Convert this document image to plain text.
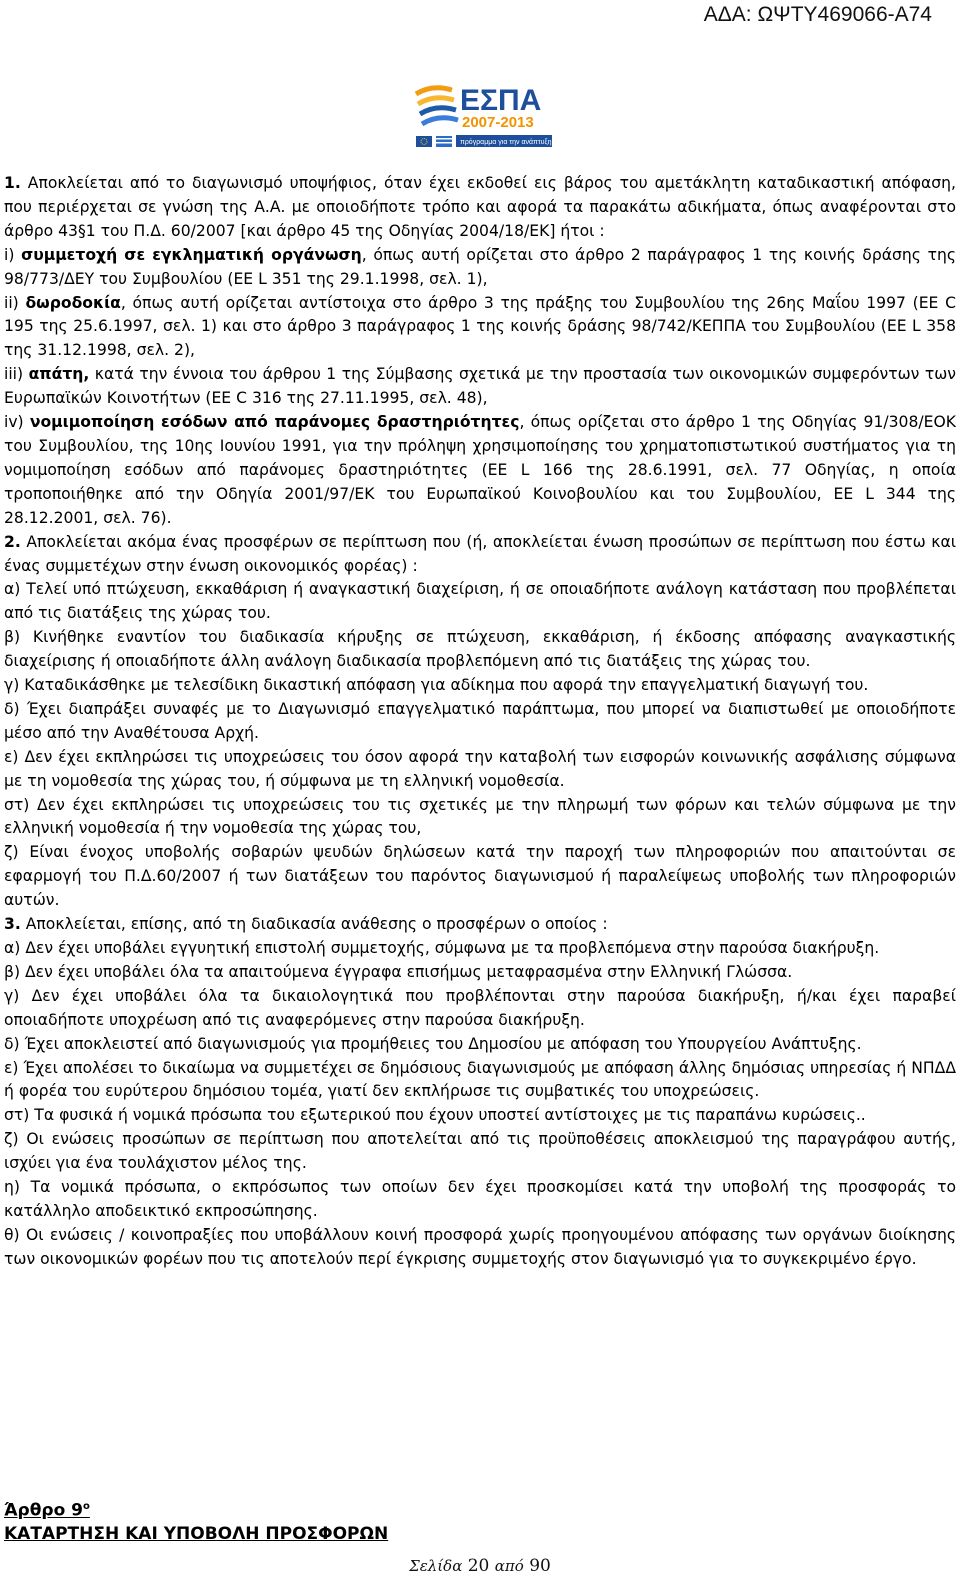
ΑΔΑ: ΩΨΤΥ469066-Α74
ΕΣΠΑ
2007-2013
πρόγραμμα για την ανάπτυξη

1. Αποκλείεται από το διαγωνισμό υποψήφιος, όταν έχει εκδοθεί εις βάρος του αμετάκλητη καταδικαστική απόφαση, που περιέρχεται σε γνώση της Α.Α. με οποιοδήποτε τρόπο και αφορά τα παρακάτω αδικήματα, όπως αναφέρονται στο άρθρο 43§1 του Π.Δ. 60/2007 [και άρθρο 45 της Οδηγίας 2004/18/ΕΚ] ήτοι :

i) συμμετοχή σε εγκληματική οργάνωση, όπως αυτή ορίζεται στο άρθρο 2 παράγραφος 1 της κοινής δράσης της 98/773/ΔΕΥ του Συμβουλίου (ΕΕ L 351 της 29.1.1998, σελ. 1),

ii) δωροδοκία, όπως αυτή ορίζεται αντίστοιχα στο άρθρο 3 της πράξης του Συμβουλίου της 26ης Μαΐου 1997 (ΕΕ C 195 της 25.6.1997, σελ. 1) και στο άρθρο 3 παράγραφος 1 της κοινής δράσης 98/742/ΚΕΠΠΑ του Συμβουλίου (ΕΕ L 358 της 31.12.1998, σελ. 2),

iii) απάτη, κατά την έννοια του άρθρου 1 της Σύμβασης σχετικά με την προστασία των οικονομικών συμφερόντων των Ευρωπαϊκών Κοινοτήτων (ΕΕ C 316 της 27.11.1995, σελ. 48),

iv) νομιμοποίηση εσόδων από παράνομες δραστηριότητες, όπως ορίζεται στο άρθρο 1 της Οδηγίας 91/308/ΕΟΚ του Συμβουλίου, της 10ης Ιουνίου 1991, για την πρόληψη χρησιμοποίησης του χρηματοπιστωτικού συστήματος για τη νομιμοποίηση εσόδων από παράνομες δραστηριότητες (ΕΕ L 166 της 28.6.1991, σελ. 77 Οδηγίας, η οποία τροποποιήθηκε από την Οδηγία 2001/97/ΕΚ του Ευρωπαϊκού Κοινοβουλίου και του Συμβουλίου, ΕΕ L 344 της 28.12.2001, σελ. 76).

2. Αποκλείεται ακόμα ένας προσφέρων σε περίπτωση που (ή, αποκλείεται ένωση προσώπων σε περίπτωση που έστω και ένας συμμετέχων στην ένωση οικονομικός φορέας) :

α) Τελεί υπό πτώχευση, εκκαθάριση ή αναγκαστική διαχείριση, ή σε οποιαδήποτε ανάλογη κατάσταση που προβλέπεται από τις διατάξεις της χώρας του.

β) Κινήθηκε εναντίον του διαδικασία κήρυξης σε πτώχευση, εκκαθάριση, ή έκδοσης απόφασης αναγκαστικής διαχείρισης ή οποιαδήποτε άλλη ανάλογη διαδικασία προβλεπόμενη από τις διατάξεις της χώρας του.

γ) Καταδικάσθηκε με τελεσίδικη δικαστική απόφαση για αδίκημα που αφορά την επαγγελματική διαγωγή του.

δ) Έχει διαπράξει συναφές με το Διαγωνισμό επαγγελματικό παράπτωμα, που μπορεί να διαπιστωθεί με οποιοδήποτε μέσο από την Αναθέτουσα Αρχή.

ε) Δεν έχει εκπληρώσει τις υποχρεώσεις του όσον αφορά την καταβολή των εισφορών κοινωνικής ασφάλισης σύμφωνα με τη νομοθεσία της χώρας του, ή σύμφωνα με τη ελληνική νομοθεσία.

στ) Δεν έχει εκπληρώσει τις υποχρεώσεις του τις σχετικές με την πληρωμή των φόρων και τελών σύμφωνα με την ελληνική νομοθεσία ή την νομοθεσία της χώρας του,

ζ) Είναι ένοχος υποβολής σοβαρών ψευδών δηλώσεων κατά την παροχή των πληροφοριών που απαιτούνται σε εφαρμογή του Π.Δ.60/2007 ή των διατάξεων του παρόντος διαγωνισμού ή παραλείψεως υποβολής των πληροφοριών αυτών.

3. Αποκλείεται, επίσης, από τη διαδικασία ανάθεσης ο προσφέρων ο οποίος :

α) Δεν έχει υποβάλει εγγυητική επιστολή συμμετοχής, σύμφωνα με τα προβλεπόμενα στην παρούσα διακήρυξη.

β) Δεν έχει υποβάλει όλα τα απαιτούμενα έγγραφα επισήμως μεταφρασμένα στην Ελληνική Γλώσσα.

γ) Δεν έχει υποβάλει όλα τα δικαιολογητικά που προβλέπονται στην παρούσα διακήρυξη, ή/και έχει παραβεί οποιαδήποτε υποχρέωση από τις αναφερόμενες στην παρούσα διακήρυξη.

δ) Έχει αποκλειστεί από διαγωνισμούς για προμήθειες του Δημοσίου με απόφαση του Υπουργείου Ανάπτυξης.

ε) Έχει απολέσει το δικαίωμα να συμμετέχει σε δημόσιους διαγωνισμούς με απόφαση άλλης δημόσιας υπηρεσίας ή ΝΠΔΔ ή φορέα του ευρύτερου δημόσιου τομέα, γιατί δεν εκπλήρωσε τις συμβατικές του υποχρεώσεις.

στ) Τα φυσικά ή νομικά πρόσωπα του εξωτερικού που έχουν υποστεί αντίστοιχες με τις παραπάνω κυρώσεις..

ζ) Οι ενώσεις προσώπων σε περίπτωση που αποτελείται από τις προϋποθέσεις αποκλεισμού της παραγράφου αυτής, ισχύει για ένα τουλάχιστον μέλος της.

η) Τα νομικά πρόσωπα, ο εκπρόσωπος των οποίων δεν έχει προσκομίσει κατά την υποβολή της προσφοράς το κατάλληλο αποδεικτικό εκπροσώπησης.

θ) Οι ενώσεις / κοινοπραξίες που υποβάλλουν κοινή προσφορά χωρίς προηγουμένου απόφασης των οργάνων διοίκησης των οικονομικών φορέων που τις αποτελούν περί έγκρισης συμμετοχής στον διαγωνισμό για το συγκεκριμένο έργο.

Άρθρο $9^o$
ΚΑΤΑΡΤΗΣΗ ΚΑΙ ΥΠΟΒΟΛΗ ΠΡΟΣΦΟΡΩΝ
Σελίδα 20 από 90
